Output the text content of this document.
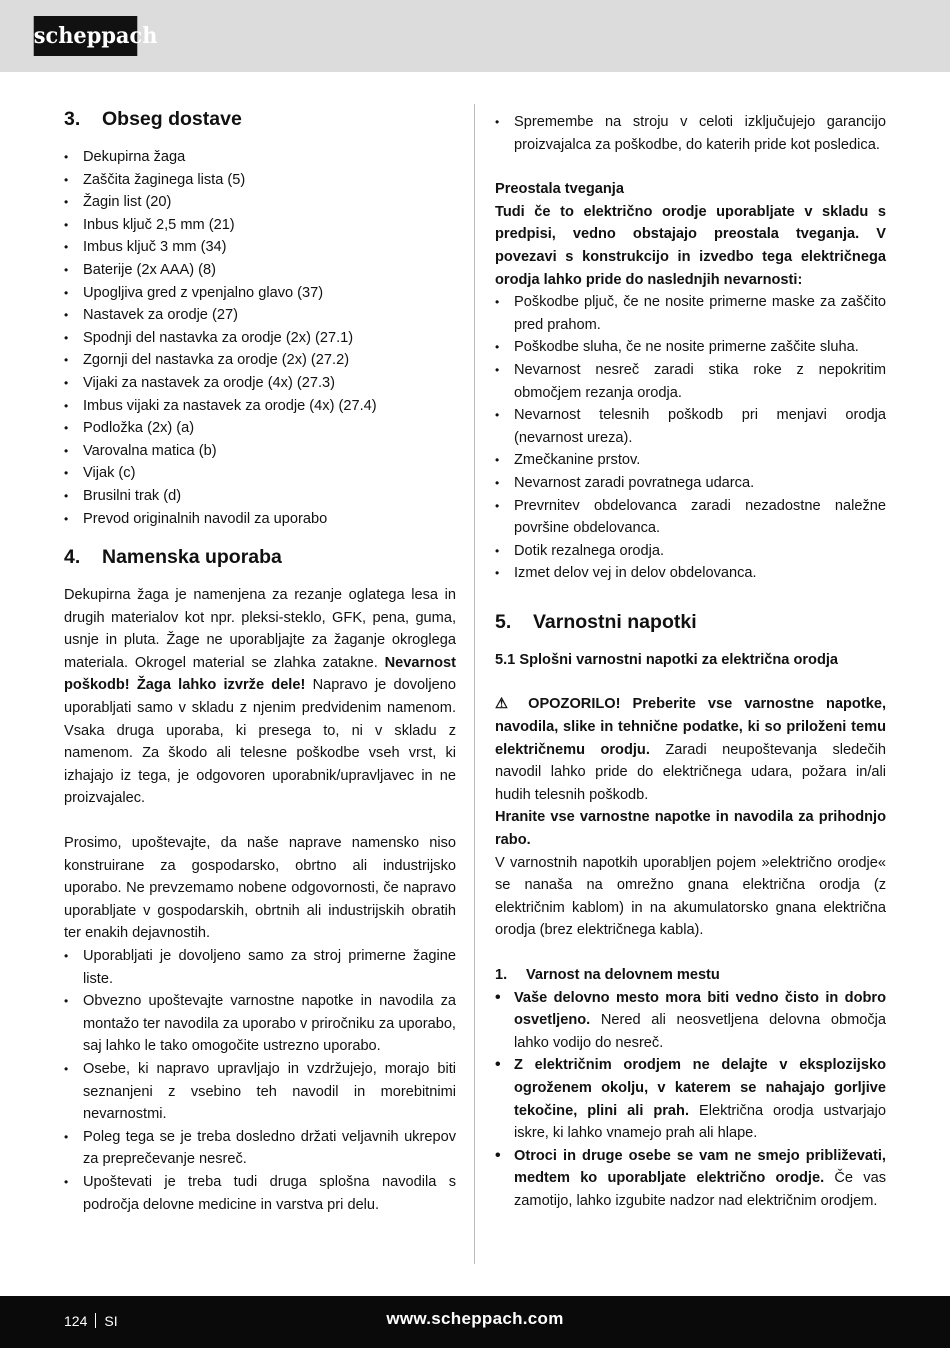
scheppach
3. Obseg dostave
• Dekupirna žaga
• Zaščita žaginega lista (5)
• Žagin list (20)
• Inbus ključ 2,5 mm (21)
• Imbus ključ 3 mm (34)
• Baterije (2x AAA) (8)
• Upogljiva gred z vpenjalno glavo (37)
• Nastavek za orodje (27)
• Spodnji del nastavka za orodje (2x) (27.1)
• Zgornji del nastavka za orodje (2x) (27.2)
• Vijaki za nastavek za orodje (4x) (27.3)
• Imbus vijaki za nastavek za orodje (4x) (27.4)
• Podložka (2x) (a)
• Varovalna matica (b)
• Vijak (c)
• Brusilni trak (d)
• Prevod originalnih navodil za uporabo
4. Namenska uporaba

Dekupirna žaga je namenjena za rezanje oglatega lesa in drugih materialov kot npr. pleksi-steklo, GFK, pena, guma, usnje in pluta. Žage ne uporabljajte za žaganje okroglega materiala. Okrogel material se zlahka zatakne. Nevarnost poškodb! Žaga lahko izvrže dele! Napravo je dovoljeno uporabljati samo v skladu z njenim predvidenim namenom. Vsaka druga uporaba, ki presega to, ni v skladu z namenom. Za škodo ali telesne poškodbe vseh vrst, ki izhajajo iz tega, je odgovoren uporabnik/upravljavec in ne proizvajalec.

Prosimo, upoštevajte, da naše naprave namensko niso konstruirane za gospodarsko, obrtno ali industrijsko uporabo. Ne prevzemamo nobene odgovornosti, če napravo uporabljate v gospodarskih, obrtnih ali industrijskih obratih ter enakih dejavnostih.

• Uporabljati je dovoljeno samo za stroj primerne žagine liste.
• Obvezno upoštevajte varnostne napotke in navodila za montažo ter navodila za uporabo v priročniku za uporabo, saj lahko le tako omogočite ustrezno uporabo.
• Osebe, ki napravo upravljajo in vzdržujejo, morajo biti seznanjeni z vsebino teh navodil in morebitnimi nevarnostmi.
• Poleg tega se je treba dosledno držati veljavnih ukrepov za preprečevanje nesreč.
• Upoštevati je treba tudi druga splošna navodila s področja delovne medicine in varstva pri delu.
• Spremembe na stroju v celoti izključujejo garancijo proizvajalca za poškodbe, do katerih pride kot posledica.
Preostala tveganja

Tudi če to električno orodje uporabljate v skladu s predpisi, vedno obstajajo preostala tveganja. V povezavi s konstrukcijo in izvedbo tega električnega orodja lahko pride do naslednjih nevarnosti:

• Poškodbe pljuč, če ne nosite primerne maske za zaščito pred prahom.
• Poškodbe sluha, če ne nosite primerne zaščite sluha.
• Nevarnost nesreč zaradi stika roke z nepokritim območjem rezanja orodja.
• Nevarnost telesnih poškodb pri menjavi orodja (nevarnost ureza).
• Zmečkanine prstov.
• Nevarnost zaradi povratnega udarca.
• Prevrnitev obdelovanca zaradi nezadostne naležne površine obdelovanca.
• Dotik rezalnega orodja.
• Izmet delov vej in delov obdelovanca.
5. Varnostni napotki
5.1 Splošni varnostni napotki za električna orodja

⚠ OPOZORILO! Preberite vse varnostne napotke, navodila, slike in tehnične podatke, ki so priloženi temu električnemu orodju. Zaradi neupoštevanja sledečih navodil lahko pride do električnega udara, požara in/ali hudih telesnih poškodb.

Hranite vse varnostne napotke in navodila za prihodnjo rabo.

V varnostnih napotkih uporabljen pojem »električno orodje« se nanaša na omrežno gnana električna orodja (z električnim kablom) in na akumulatorsko gnana električna orodja (brez električnega kabla).

1. Varnost na delovnem mestu
• Vaše delovno mesto mora biti vedno čisto in dobro osvetljeno. Nered ali neosvetljena delovna območja lahko vodijo do nesreč.
• Z električnim orodjem ne delajte v eksplozijsko ogroženem okolju, v katerem se nahajajo gorljive tekočine, plini ali prah. Električna orodja ustvarjajo iskre, ki lahko vnamejo prah ali hlape.
• Otroci in druge osebe se vam ne smejo približevati, medtem ko uporabljate električno orodje. Če vas zamotijo, lahko izgubite nadzor nad električnim orodjem.
124 SI	www.scheppach.com
